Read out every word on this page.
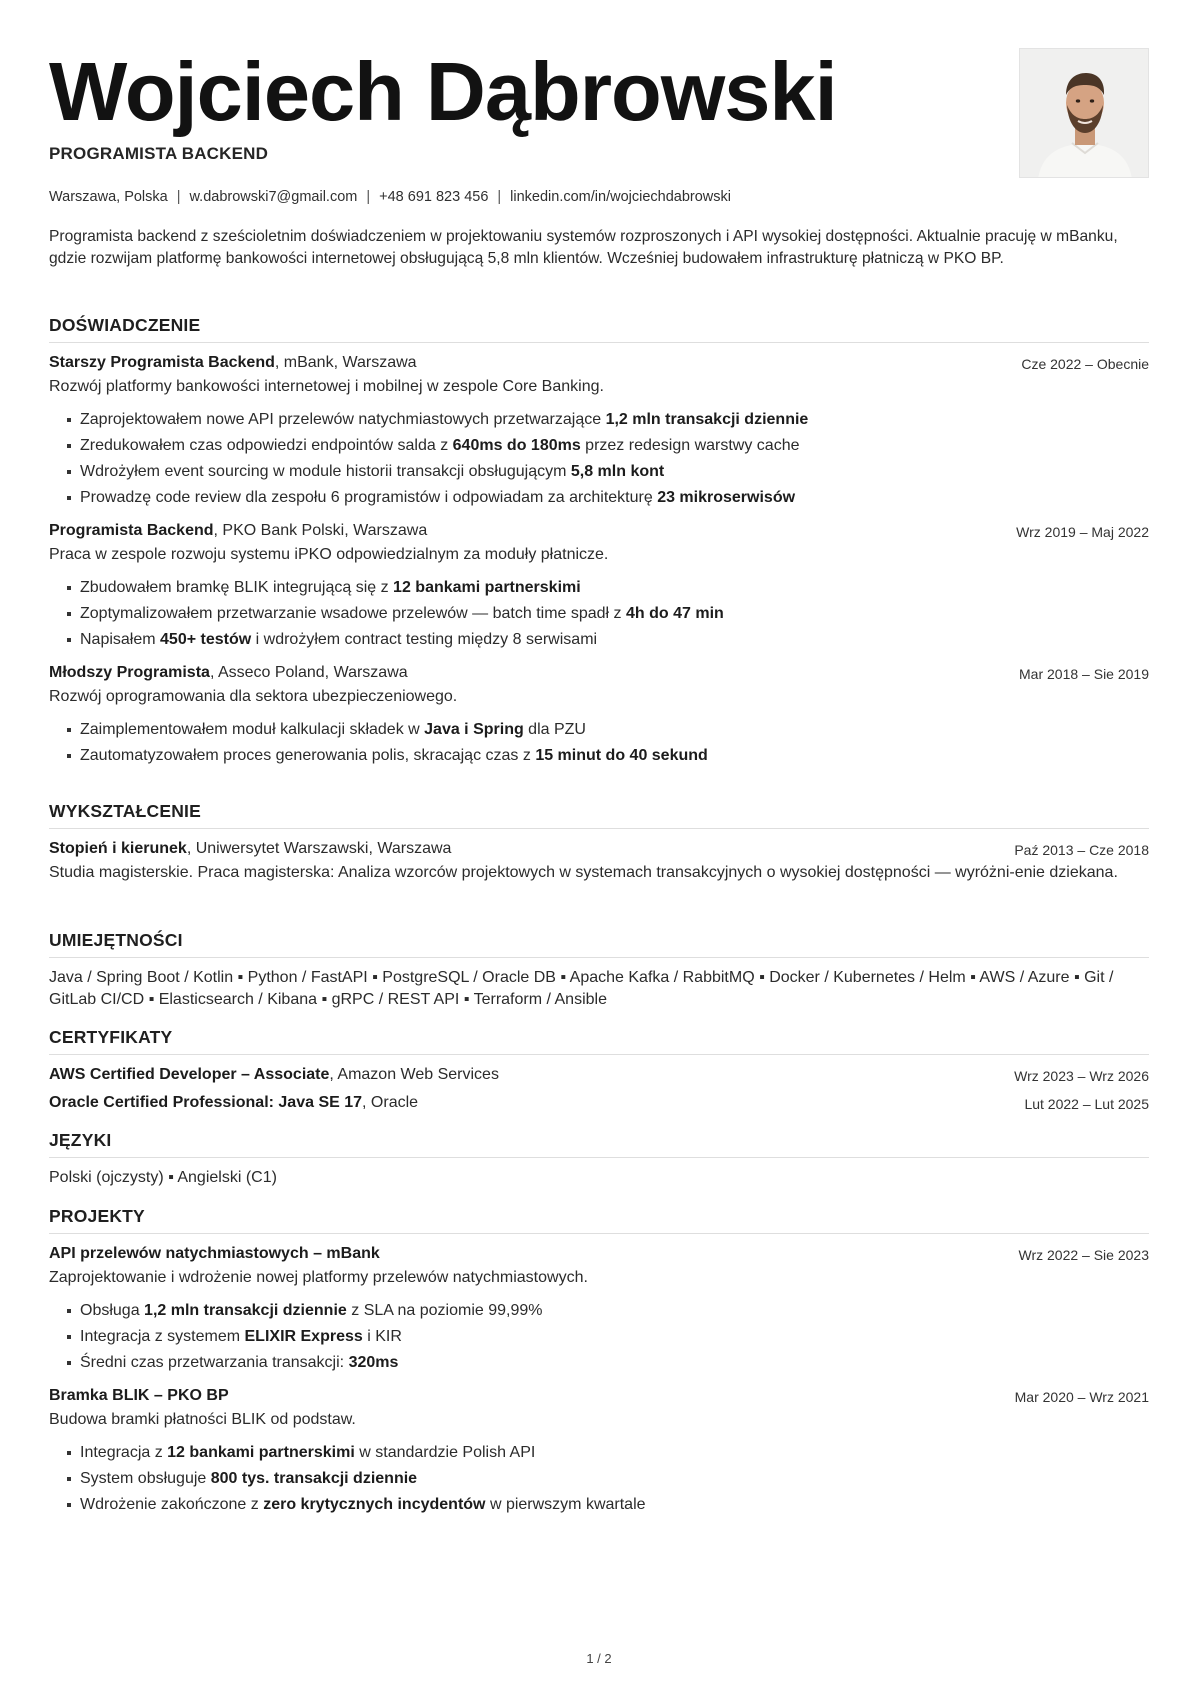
Wojciech Dąbrowski
PROGRAMISTA BACKEND
Warszawa, Polska | w.dabrowski7@gmail.com | +48 691 823 456 | linkedin.com/in/wojciechdabrowski
Programista backend z sześcioletnim doświadczeniem w projektowaniu systemów rozproszonych i API wysokiej dostępności. Aktualnie pracuję w mBanku, gdzie rozwijam platformę bankowości internetowej obsługującą 5,8 mln klientów. Wcześniej budowałem infrastrukturę płatniczą w PKO BP.
DOŚWIADCZENIE
Starszy Programista Backend, mBank, Warszawa	Cze 2022 – Obecnie
Rozwój platformy bankowości internetowej i mobilnej w zespole Core Banking.
Zaprojektowałem nowe API przelewów natychmiastowych przetwarzające 1,2 mln transakcji dziennie
Zredukowałem czas odpowiedzi endpointów salda z 640ms do 180ms przez redesign warstwy cache
Wdrożyłem event sourcing w module historii transakcji obsługującym 5,8 mln kont
Prowadzę code review dla zespołu 6 programistów i odpowiadam za architekturę 23 mikroserwisów
Programista Backend, PKO Bank Polski, Warszawa	Wrz 2019 – Maj 2022
Praca w zespole rozwoju systemu iPKO odpowiedzialnym za moduły płatnicze.
Zbudowałem bramkę BLIK integrującą się z 12 bankami partnerskimi
Zoptymalizowałem przetwarzanie wsadowe przelewów — batch time spadł z 4h do 47 min
Napisałem 450+ testów i wdrożyłem contract testing między 8 serwisami
Młodszy Programista, Asseco Poland, Warszawa	Mar 2018 – Sie 2019
Rozwój oprogramowania dla sektora ubezpieczeniowego.
Zaimplementowałem moduł kalkulacji składek w Java i Spring dla PZU
Zautomatyzowałem proces generowania polis, skracając czas z 15 minut do 40 sekund
WYKSZTAŁCENIE
Stopień i kierunek, Uniwersytet Warszawski, Warszawa	Paź 2013 – Cze 2018
Studia magisterskie. Praca magisterska: Analiza wzorców projektowych w systemach transakcyjnych o wysokiej dostępności — wyróżni-enie dziekana.
UMIEJĘTNOŚCI
Java / Spring Boot / Kotlin ▪ Python / FastAPI ▪ PostgreSQL / Oracle DB ▪ Apache Kafka / RabbitMQ ▪ Docker / Kubernetes / Helm ▪ AWS / Azure ▪ Git / GitLab CI/CD ▪ Elasticsearch / Kibana ▪ gRPC / REST API ▪ Terraform / Ansible
CERTYFIKATY
AWS Certified Developer – Associate, Amazon Web Services	Wrz 2023 – Wrz 2026
Oracle Certified Professional: Java SE 17, Oracle	Lut 2022 – Lut 2025
JĘZYKI
Polski (ojczysty) ▪ Angielski (C1)
PROJEKTY
API przelewów natychmiastowych – mBank	Wrz 2022 – Sie 2023
Zaprojektowanie i wdrożenie nowej platformy przelewów natychmiastowych.
Obsługa 1,2 mln transakcji dziennie z SLA na poziomie 99,99%
Integracja z systemem ELIXIR Express i KIR
Średni czas przetwarzania transakcji: 320ms
Bramka BLIK – PKO BP	Mar 2020 – Wrz 2021
Budowa bramki płatności BLIK od podstaw.
Integracja z 12 bankami partnerskimi w standardzie Polish API
System obsługuje 800 tys. transakcji dziennie
Wdrożenie zakończone z zero krytycznych incydentów w pierwszym kwartale
1 / 2
